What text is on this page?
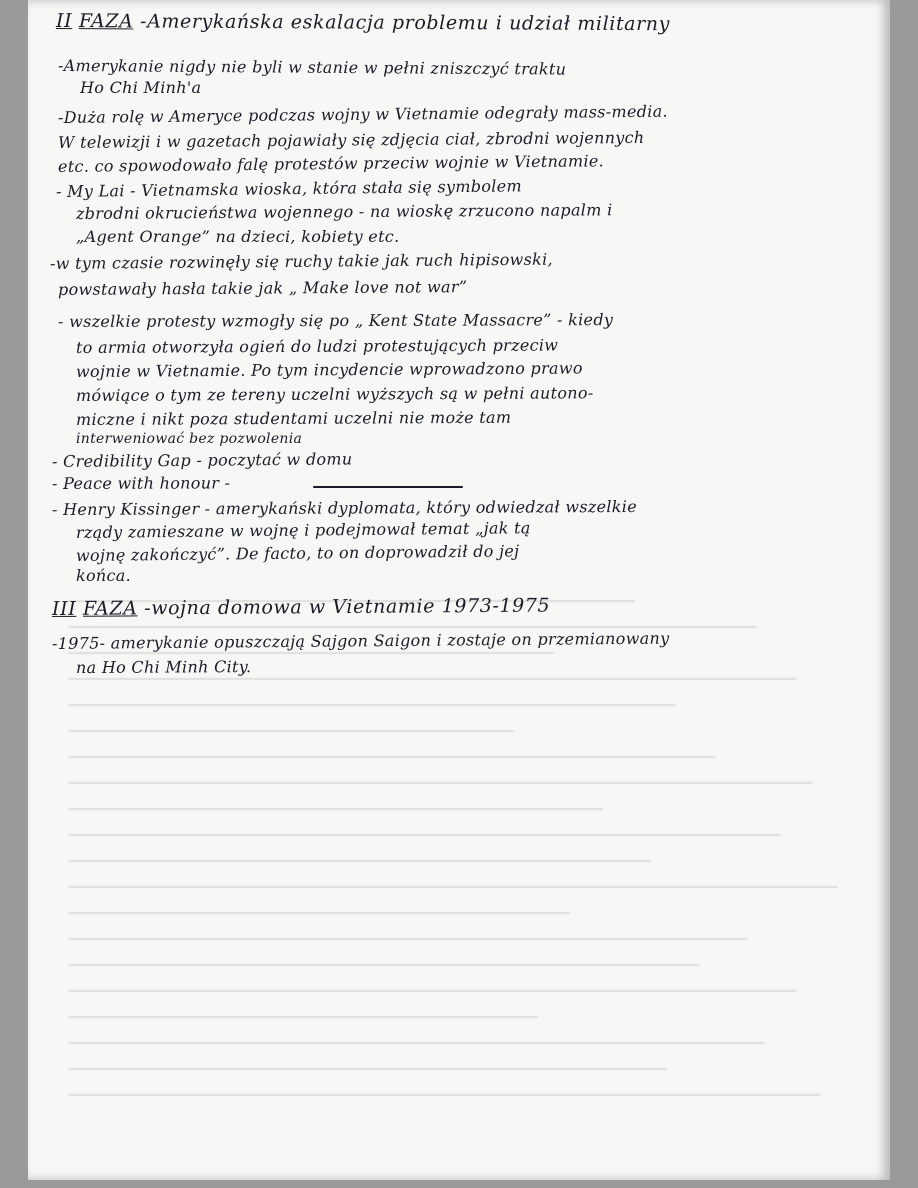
II FAZA -Amerykańska eskalacja problemu i udział militarny
-Amerykanie nigdy nie byli w stanie w pełni zniszczyć traktu
Ho Chi Minh'a
-Duża rolę w Ameryce podczas wojny w Vietnamie odegrały mass-media.
W telewizji i w gazetach pojawiały się zdjęcia ciał, zbrodni wojennych
etc. co spowodowało falę protestów przeciw wojnie w Vietnamie.
- My Lai - Vietnamska wioska, która stała się symbolem
zbrodni okrucieństwa wojennego - na wioskę zrzucono napalm i
„Agent Orange” na dzieci, kobiety etc.
-w tym czasie rozwinęły się ruchy takie jak ruch hipisowski,
powstawały hasła takie jak „ Make love not war”
- wszelkie protesty wzmogły się po „ Kent State Massacre” - kiedy
to armia otworzyła ogień do ludzi protestujących przeciw
wojnie w Vietnamie. Po tym incydencie wprowadzono prawo
mówiące o tym ze tereny uczelni wyższych są w pełni autono-
miczne i nikt poza studentami uczelni nie może tam
interweniować bez pozwolenia
- Credibility Gap - poczytać w domu
- Peace with honour -
- Henry Kissinger - amerykański dyplomata, który odwiedzał wszelkie
rządy zamieszane w wojnę i podejmował temat „jak tą
wojnę zakończyć”. De facto, to on doprowadził do jej
końca.
III FAZA -wojna domowa w Vietnamie 1973-1975
-1975- amerykanie opuszczają Sajgon Saigon i zostaje on przemianowany
na Ho Chi Minh City.
